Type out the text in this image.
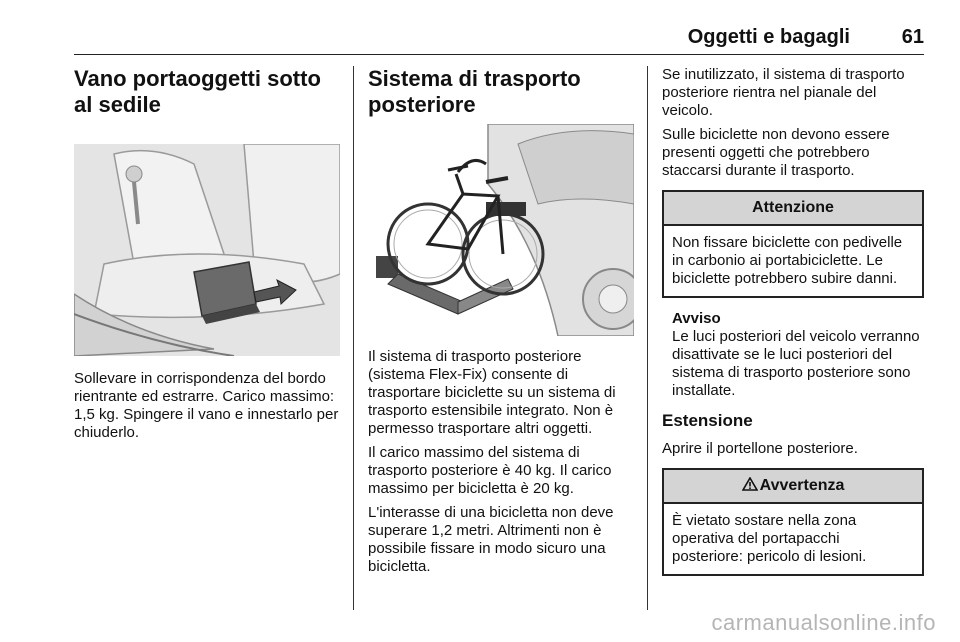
Oggetti e bagagli	61
Vano portaoggetti sotto al sedile

Sollevare in corrispondenza del bordo rientrante ed estrarre. Carico massimo: 1,5 kg. Spingere il vano e innestarlo per chiuderlo.

Sistema di trasporto posteriore

Il sistema di trasporto posteriore (sistema Flex-Fix) consente di trasportare biciclette su un sistema di trasporto estensibile integrato. Non è permesso trasportare altri oggetti.

Il carico massimo del sistema di trasporto posteriore è 40 kg. Il carico massimo per bicicletta è 20 kg.

L'interasse di una bicicletta non deve superare 1,2 metri. Altrimenti non è possibile fissare in modo sicuro una bicicletta.

Se inutilizzato, il sistema di trasporto posteriore rientra nel pianale del veicolo.

Sulle biciclette non devono essere presenti oggetti che potrebbero staccarsi durante il trasporto.

Attenzione
Non fissare biciclette con pedivelle in carbonio ai portabiciclette. Le biciclette potrebbero subire danni.
Avviso

Le luci posteriori del veicolo verranno disattivate se le luci posteriori del sistema di trasporto posteriore sono installate.

Estensione

Aprire il portellone posteriore.

Avvertenza
È vietato sostare nella zona operativa del portapacchi posteriore: pericolo di lesioni.
carmanualsonline.info
